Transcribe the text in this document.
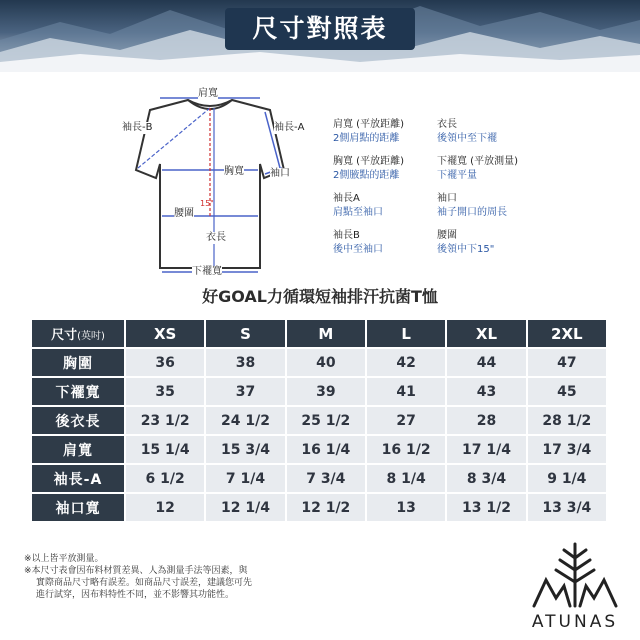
尺寸對照表
肩寬
袖長-B	袖長-A
胸寬	袖口
15"
腰圍
衣長
下襬寬
肩寬 (平放距離)
2側肩點的距離
衣長
後領中至下襬
胸寬 (平放距離)
2側腋點的距離
下襬寬 (平放測量)
下襬平量
袖長A
肩點至袖口
袖口
袖子開口的周長
袖長B
後中至袖口
腰圍
後領中下15"
好GOAL力循環短袖排汗抗菌T恤
尺寸(英吋)	XS	S	M	L	XL	2XL
胸圍	36	38	40	42	44	47
下襬寬	35	37	39	41	43	45
後衣長	23 1/2	24 1/2	25 1/2	27	28	28 1/2
肩寬	15 1/4	15 3/4	16 1/4	16 1/2	17 1/4	17 3/4
袖長-A	6 1/2	7 1/4	7 3/4	8 1/4	8 3/4	9 1/4
袖口寬	12	12 1/4	12 1/2	13	13 1/2	13 3/4

※以上皆平放測量。

※本尺寸表會因布料材質差異、人為測量手法等因素，與

實際商品尺寸略有誤差。如商品尺寸誤差，建議您可先

進行試穿，因布料特性不同，並不影響其功能性。

ATUNAS
